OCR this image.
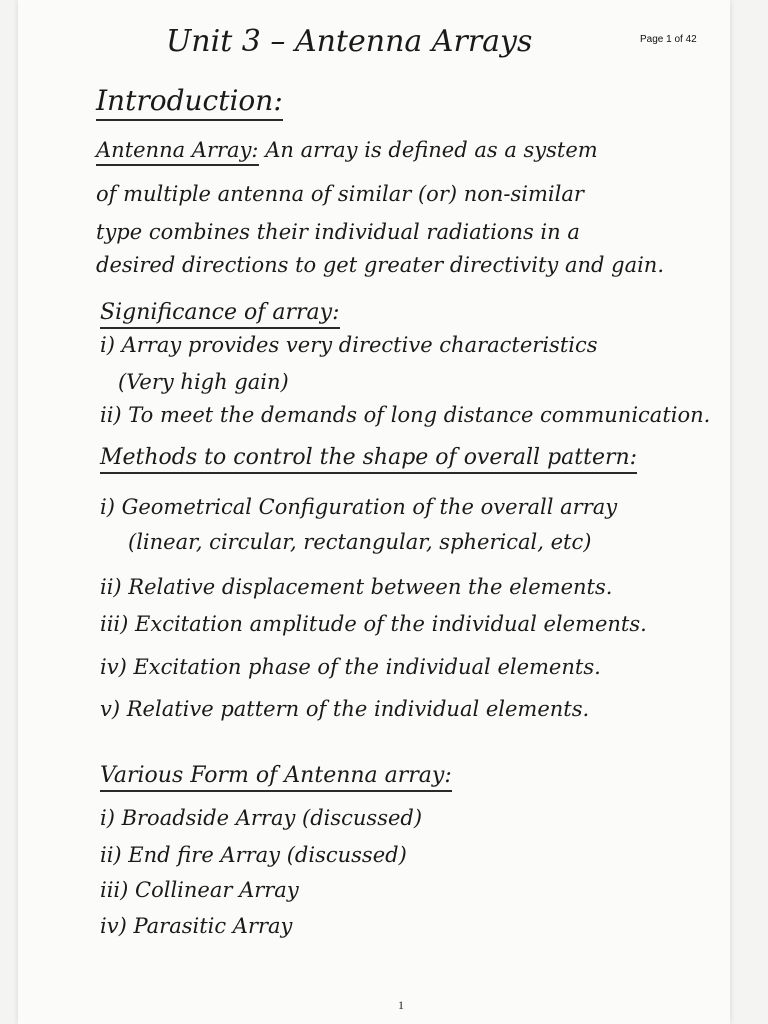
Unit 3 – Antenna Arrays	Page 1 of 42
Introduction:
Antenna Array: An array is defined as a system
of multiple antenna of similar (or) non-similar
type combines their individual radiations in a
desired directions to get greater directivity and gain.
Significance of array:
i) Array provides very directive characteristics
(Very high gain)
ii) To meet the demands of long distance communication.
Methods to control the shape of overall pattern:
i) Geometrical Configuration of the overall array
(linear, circular, rectangular, spherical, etc)
ii) Relative displacement between the elements.
iii) Excitation amplitude of the individual elements.
iv) Excitation phase of the individual elements.
v) Relative pattern of the individual elements.
Various Form of Antenna array:
i) Broadside Array (discussed)
ii) End fire Array (discussed)
iii) Collinear Array
iv) Parasitic Array
1
